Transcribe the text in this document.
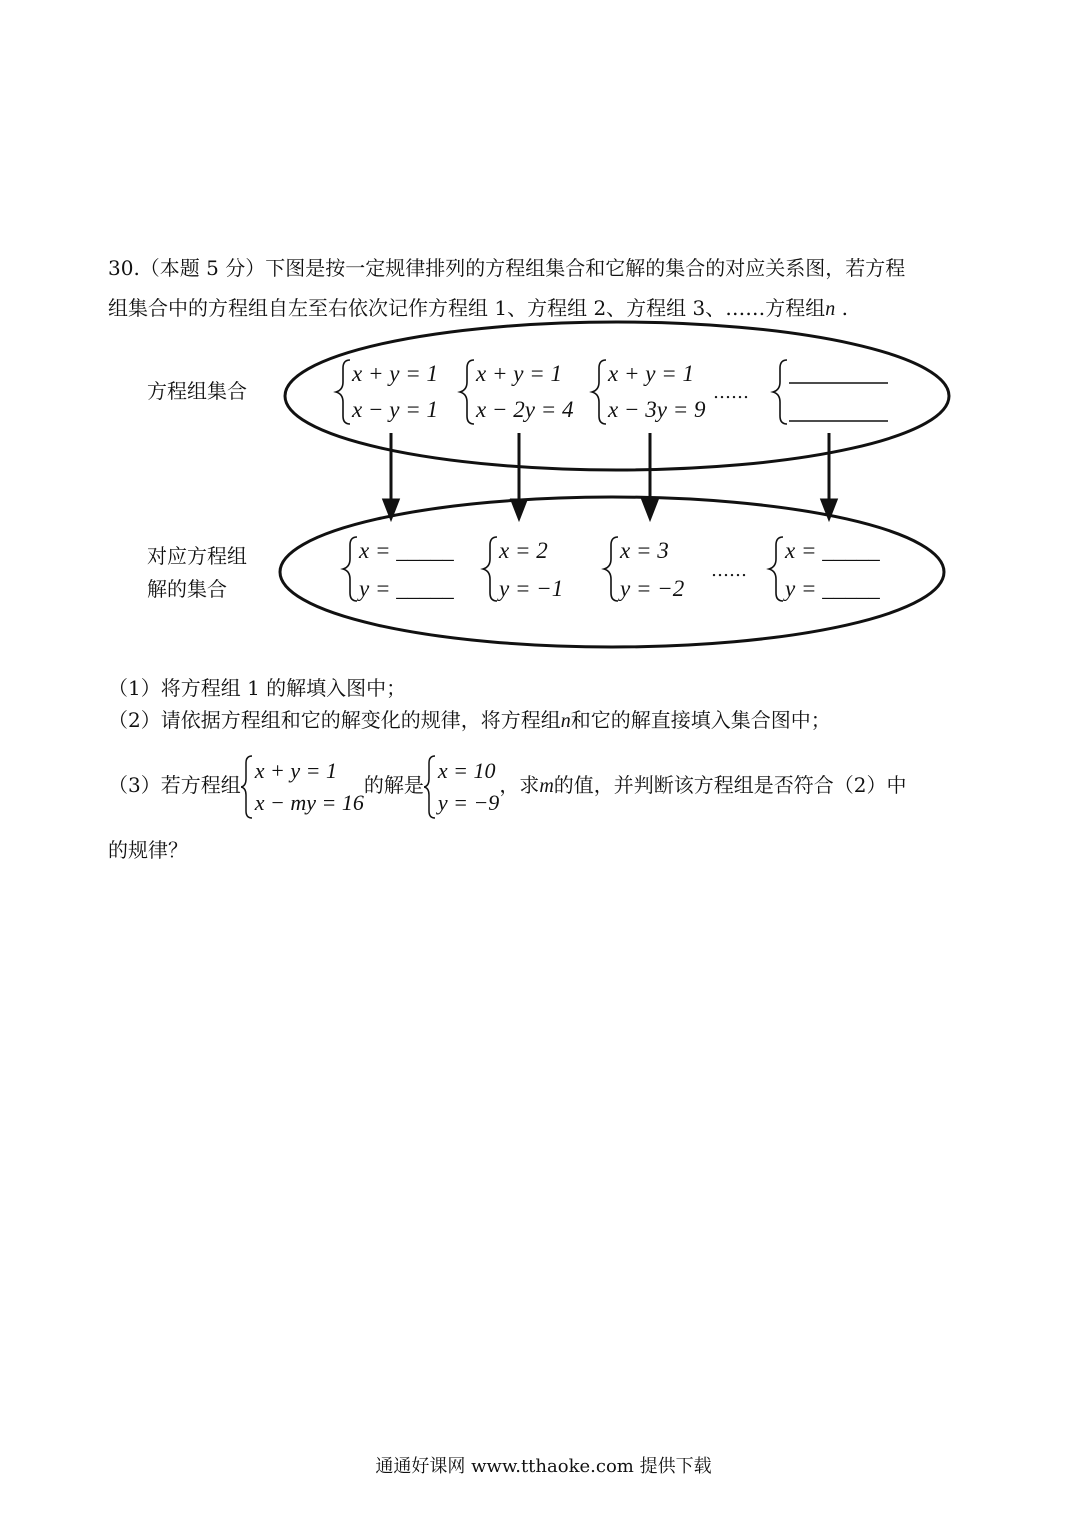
30.（本题 5 分）下图是按一定规律排列的方程组集合和它解的集合的对应关系图，若方程
组集合中的方程组自左至右依次记作方程组 1、方程组 2、方程组 3、……方程组n .
x + y = 1
x − y = 1
x + y = 1
x − 2y = 4
x + y = 1
x − 3y = 9
x = _____
y = _____
x = 2
y = −1
x = 3
y = −2
x = _____
y = _____
……
……
方程组集合
对应方程组
解的集合
（1）将方程组 1 的解填入图中；
（2）请依据方程组和它的解变化的规律，将方程组n和它的解直接填入集合图中；
（3）若方程组
x + y = 1
x − my = 16
的解是
x = 10
y = −9
，求m的值，并判断该方程组是否符合（2）中
的规律？
通通好课网 www.tthaoke.com 提供下载
